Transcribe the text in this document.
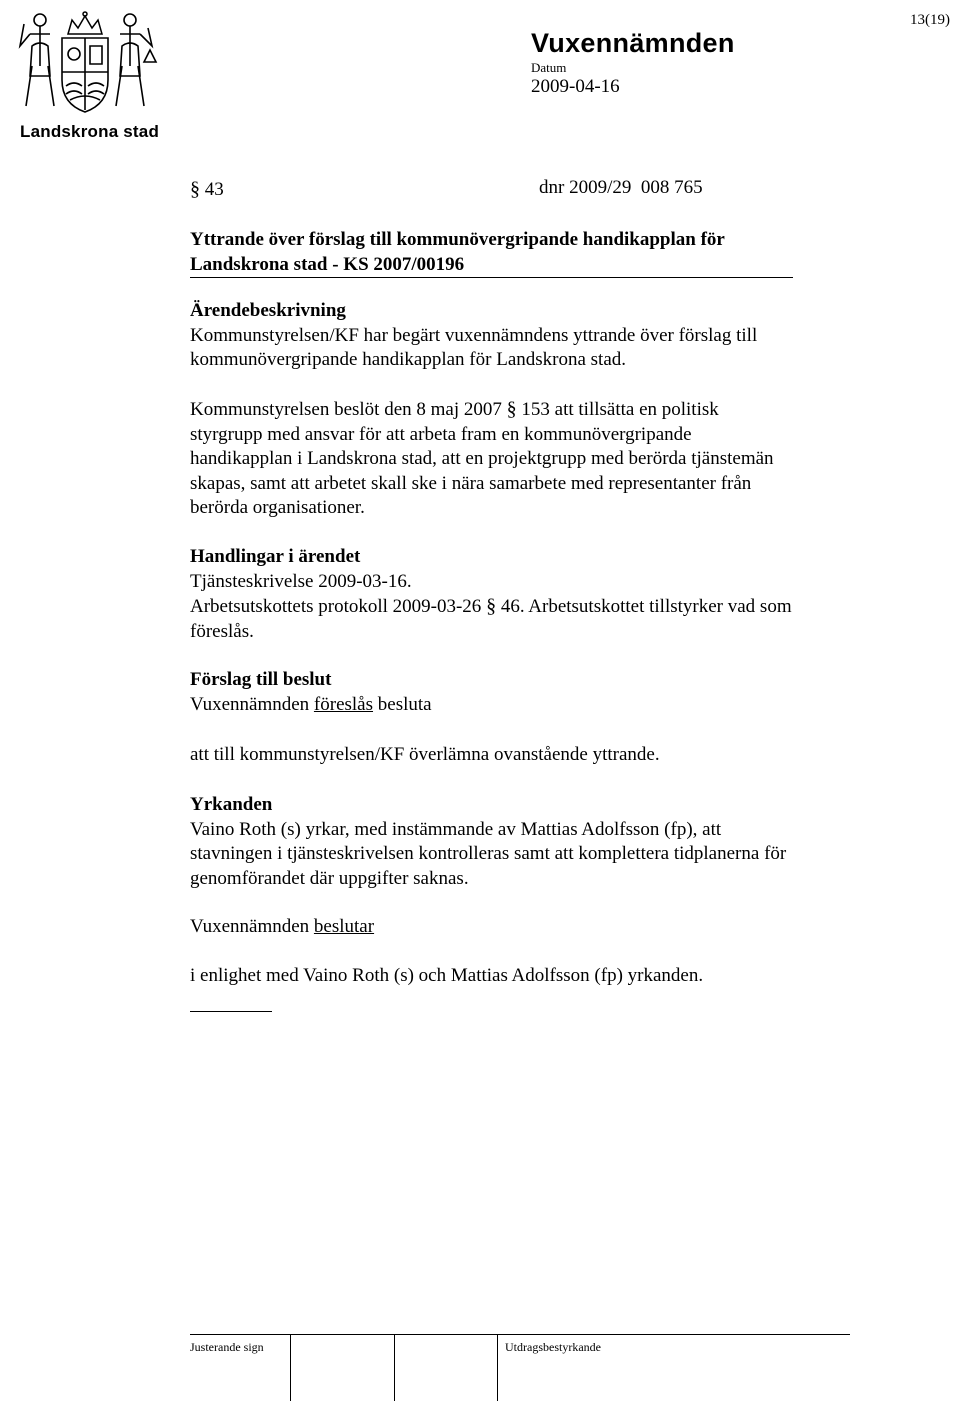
Landskrona stad
13(19)
Vuxennämnden
Datum
2009-04-16
§ 43	dnr 2009/29  008 765
Yttrande över förslag till kommunövergripande handikapplan för
Landskrona stad - KS 2007/00196
Ärendebeskrivning
Kommunstyrelsen/KF har begärt vuxennämndens yttrande över förslag till
kommunövergripande handikapplan för Landskrona stad.
Kommunstyrelsen beslöt den 8 maj 2007 § 153 att tillsätta en politisk
styrgrupp med ansvar för att arbeta fram en kommunövergripande
handikapplan i Landskrona stad, att en projektgrupp med berörda tjänstemän
skapas, samt att arbetet skall ske i nära samarbete med representanter från
berörda organisationer.
Handlingar i ärendet
Tjänsteskrivelse 2009-03-16.
Arbetsutskottets protokoll 2009-03-26 § 46. Arbetsutskottet tillstyrker vad som
föreslås.
Förslag till beslut
Vuxennämnden föreslås besluta
att till kommunstyrelsen/KF överlämna ovanstående yttrande.
Yrkanden
Vaino Roth (s) yrkar, med instämmande av Mattias Adolfsson (fp), att
stavningen i tjänsteskrivelsen kontrolleras samt att komplettera tidplanerna för
genomförandet där uppgifter saknas.
Vuxennämnden beslutar
i enlighet med Vaino Roth (s) och Mattias Adolfsson (fp) yrkanden.
Justerande sign	Utdragsbestyrkande
